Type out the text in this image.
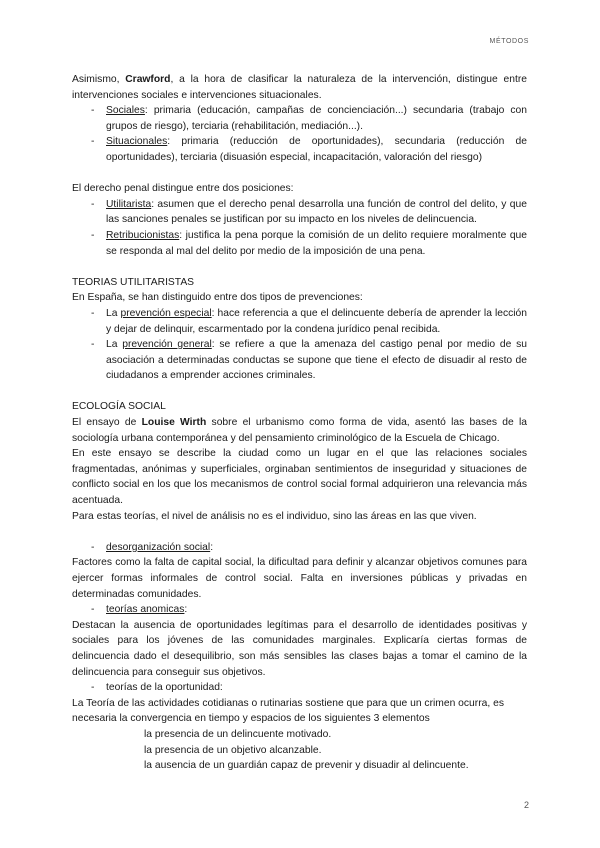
MÉTODOS

Asimismo, Crawford, a la hora de clasificar la naturaleza de la intervención, distingue entre intervenciones sociales e intervenciones situacionales.

- Sociales: primaria (educación, campañas de concienciación...) secundaria (trabajo con grupos de riesgo), terciaria (rehabilitación, mediación...).
- Situacionales: primaria (reducción de oportunidades), secundaria (reducción de oportunidades), terciaria (disuasión especial, incapacitación, valoración del riesgo)

El derecho penal distingue entre dos posiciones:

- Utilitarista: asumen que el derecho penal desarrolla una función de control del delito, y que las sanciones penales se justifican por su impacto en los niveles de delincuencia.
- Retribucionistas: justifica la pena porque la comisión de un delito requiere moralmente que se responda al mal del delito por medio de la imposición de una pena.

TEORIAS UTILITARISTAS

En España, se han distinguido entre dos tipos de prevenciones:

- La prevención especial: hace referencia a que el delincuente debería de aprender la lección y dejar de delinquir, escarmentado por la condena jurídico penal recibida.
- La prevención general: se refiere a que la amenaza del castigo penal por medio de su asociación a determinadas conductas se supone que tiene el efecto de disuadir al resto de ciudadanos a emprender acciones criminales.

ECOLOGÍA SOCIAL

El ensayo de Louise Wirth sobre el urbanismo como forma de vida, asentó las bases de la sociología urbana contemporánea y del pensamiento criminológico de la Escuela de Chicago.

En este ensayo se describe la ciudad como un lugar en el que las relaciones sociales fragmentadas, anónimas y superficiales, orginaban sentimientos de inseguridad y situaciones de conflicto social en los que los mecanismos de control social formal adquirieron una relevancia más acentuada.

Para estas teorías, el nivel de análisis no es el individuo, sino las áreas en las que viven.

- desorganización social:

Factores como la falta de capital social, la dificultad para definir y alcanzar objetivos comunes para ejercer formas informales de control social. Falta en inversiones públicas y privadas en determinadas comunidades.

- teorías anomicas:

Destacan la ausencia de oportunidades legítimas para el desarrollo de identidades positivas y sociales para los jóvenes de las comunidades marginales. Explicaría ciertas formas de delincuencia dado el desequilibrio, son más sensibles las clases bajas a tomar el camino de la delincuencia para conseguir sus objetivos.

- teorías de la oportunidad:

La Teoría de las actividades cotidianas o rutinarias sostiene que para que un crimen ocurra, es necesaria la convergencia en tiempo y espacios de los siguientes 3 elementos

la presencia de un delincuente motivado.

la presencia de un objetivo alcanzable.

la ausencia de un guardián capaz de prevenir y disuadir al delincuente.

2
